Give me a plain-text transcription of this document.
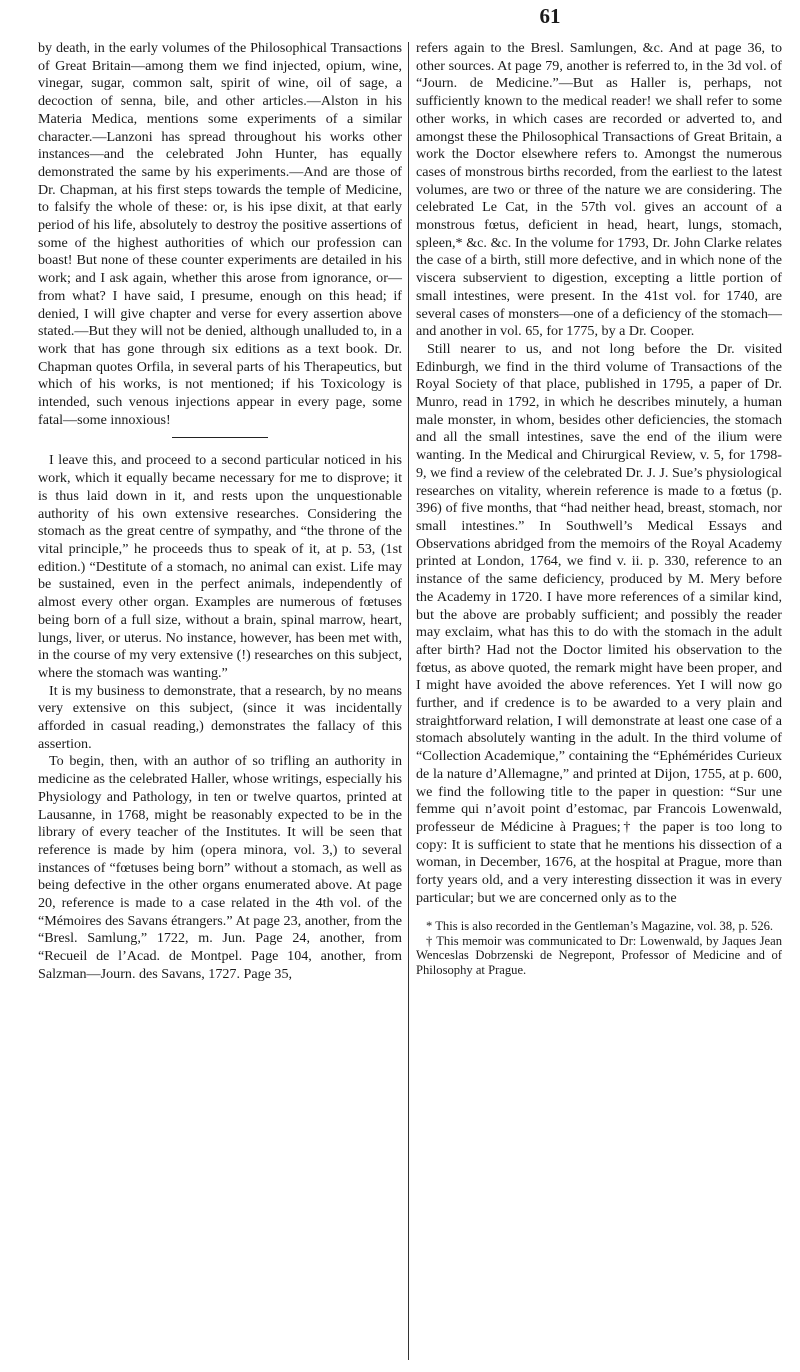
61

by death, in the early volumes of the Philosophical Transactions of Great Britain—among them we find injected, opium, wine, vinegar, sugar, common salt, spirit of wine, oil of sage, a decoction of senna, bile, and other articles.—Alston in his Materia Medica, mentions some experiments of a similar character.—Lanzoni has spread throughout his works other instances—and the celebrated John Hunter, has equally demonstrated the same by his experiments.—And are those of Dr. Chapman, at his first steps towards the temple of Medicine, to falsify the whole of these: or, is his ipse dixit, at that early period of his life, absolutely to destroy the positive assertions of some of the highest authorities of which our profession can boast! But none of these counter experiments are detailed in his work; and I ask again, whether this arose from ignorance, or—from what? I have said, I presume, enough on this head; if denied, I will give chapter and verse for every assertion above stated.—But they will not be denied, although unalluded to, in a work that has gone through six editions as a text book. Dr. Chapman quotes Orfila, in several parts of his Therapeutics, but which of his works, is not mentioned; if his Toxicology is intended, such venous injections appear in every page, some fatal—some innoxious!

I leave this, and proceed to a second particular noticed in his work, which it equally became necessary for me to disprove; it is thus laid down in it, and rests upon the unquestionable authority of his own extensive researches. Considering the stomach as the great centre of sympathy, and “the throne of the vital principle,” he proceeds thus to speak of it, at p. 53, (1st edition.) “Destitute of a stomach, no animal can exist. Life may be sustained, even in the perfect animals, independently of almost every other organ. Examples are numerous of fœtuses being born of a full size, without a brain, spinal marrow, heart, lungs, liver, or uterus. No instance, however, has been met with, in the course of my very extensive (!) researches on this subject, where the stomach was wanting.”

It is my business to demonstrate, that a research, by no means very extensive on this subject, (since it was incidentally afforded in casual reading,) demonstrates the fallacy of this assertion.

To begin, then, with an author of so trifling an authority in medicine as the celebrated Haller, whose writings, especially his Physiology and Pathology, in ten or twelve quartos, printed at Lausanne, in 1768, might be reasonably expected to be in the library of every teacher of the Institutes. It will be seen that reference is made by him (opera minora, vol. 3,) to several instances of “fœtuses being born” without a stomach, as well as being defective in the other organs enumerated above. At page 20, reference is made to a case related in the 4th vol. of the “Mémoires des Savans étrangers.” At page 23, another, from the “Bresl. Samlung,” 1722, m. Jun. Page 24, another, from “Recueil de l’Acad. de Montpel. Page 104, another, from Salzman—Journ. des Savans, 1727. Page 35,

refers again to the Bresl. Samlungen, &c. And at page 36, to other sources. At page 79, another is referred to, in the 3d vol. of “Journ. de Medicine.”—But as Haller is, perhaps, not sufficiently known to the medical reader! we shall refer to some other works, in which cases are recorded or adverted to, and amongst these the Philosophical Transactions of Great Britain, a work the Doctor elsewhere refers to. Amongst the numerous cases of monstrous births recorded, from the earliest to the latest volumes, are two or three of the nature we are considering. The celebrated Le Cat, in the 57th vol. gives an account of a monstrous fœtus, deficient in head, heart, lungs, stomach, spleen,* &c. &c. In the volume for 1793, Dr. John Clarke relates the case of a birth, still more defective, and in which none of the viscera subservient to digestion, excepting a little portion of small intestines, were present. In the 41st vol. for 1740, are several cases of monsters—one of a deficiency of the stomach—and another in vol. 65, for 1775, by a Dr. Cooper.

Still nearer to us, and not long before the Dr. visited Edinburgh, we find in the third volume of Transactions of the Royal Society of that place, published in 1795, a paper of Dr. Munro, read in 1792, in which he describes minutely, a human male monster, in whom, besides other deficiencies, the stomach and all the small intestines, save the end of the ilium were wanting. In the Medical and Chirurgical Review, v. 5, for 1798-9, we find a review of the celebrated Dr. J. J. Sue’s physiological researches on vitality, wherein reference is made to a fœtus (p. 396) of five months, that “had neither head, breast, stomach, nor small intestines.” In Southwell’s Medical Essays and Observations abridged from the memoirs of the Royal Academy printed at London, 1764, we find v. ii. p. 330, reference to an instance of the same deficiency, produced by M. Mery before the Academy in 1720. I have more references of a similar kind, but the above are probably sufficient; and possibly the reader may exclaim, what has this to do with the stomach in the adult after birth? Had not the Doctor limited his observation to the fœtus, as above quoted, the remark might have been proper, and I might have avoided the above references. Yet I will now go further, and if credence is to be awarded to a very plain and straightforward relation, I will demonstrate at least one case of a stomach absolutely wanting in the adult. In the third volume of “Collection Academique,” containing the “Ephémérides Curieux de la nature d’Allemagne,” and printed at Dijon, 1755, at p. 600, we find the following title to the paper in question: “Sur une femme qui n’avoit point d’estomac, par Francois Lowenwald, professeur de Médicine à Pragues;† the paper is too long to copy: It is sufficient to state that he mentions his dissection of a woman, in December, 1676, at the hospital at Prague, more than forty years old, and a very interesting dissection it was in every particular; but we are concerned only as to the

* This is also recorded in the Gentleman’s Magazine, vol. 38, p. 526.

† This memoir was communicated to Dr: Lowenwald, by Jaques Jean Wenceslas Dobrzenski de Negrepont, Professor of Medicine and of Philosophy at Prague.
